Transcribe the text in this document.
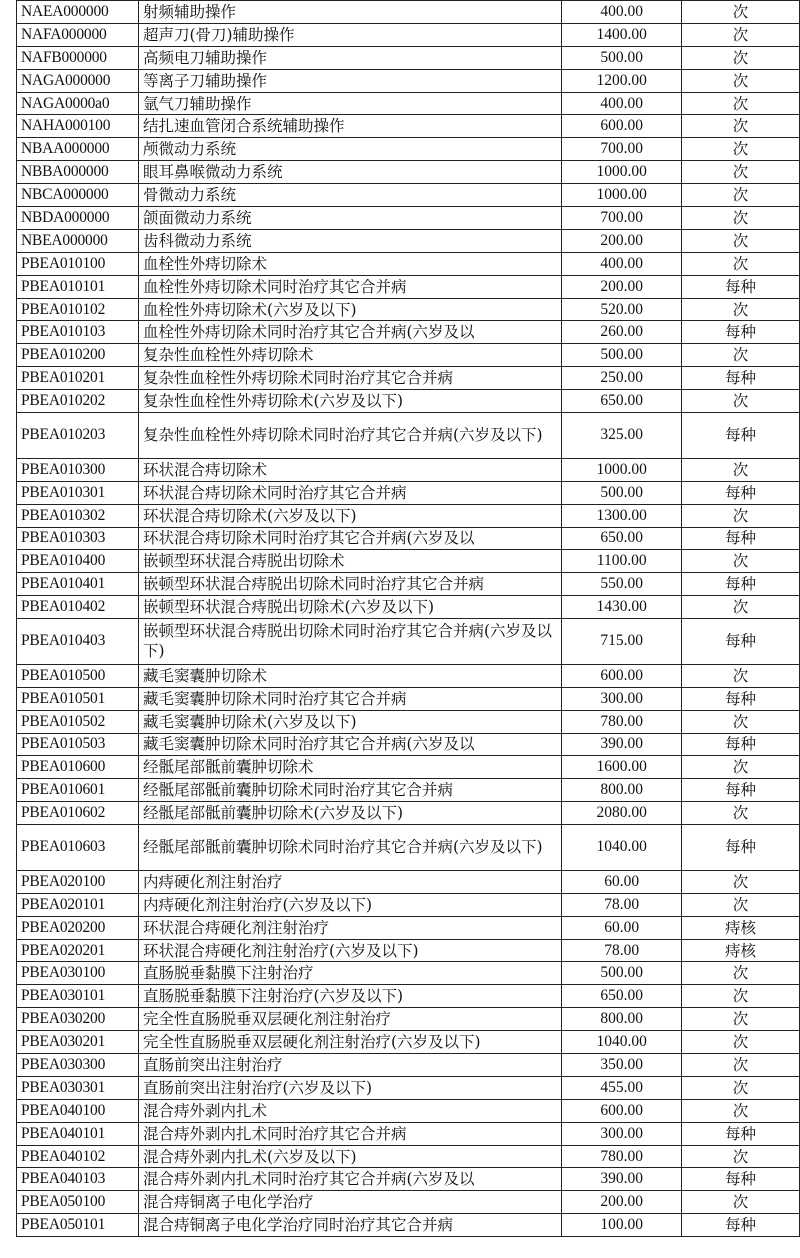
NAEA000000	射频辅助操作	400.00	次
NAFA000000	超声刀(骨刀)辅助操作	1400.00	次
NAFB000000	高频电刀辅助操作	500.00	次
NAGA000000	等离子刀辅助操作	1200.00	次
NAGA0000a0	氩气刀辅助操作	400.00	次
NAHA000100	结扎速血管闭合系统辅助操作	600.00	次
NBAA000000	颅微动力系统	700.00	次
NBBA000000	眼耳鼻喉微动力系统	1000.00	次
NBCA000000	骨微动力系统	1000.00	次
NBDA000000	颌面微动力系统	700.00	次
NBEA000000	齿科微动力系统	200.00	次
PBEA010100	血栓性外痔切除术	400.00	次
PBEA010101	血栓性外痔切除术同时治疗其它合并病	200.00	每种
PBEA010102	血栓性外痔切除术(六岁及以下)	520.00	次
PBEA010103	血栓性外痔切除术同时治疗其它合并病(六岁及以	260.00	每种
PBEA010200	复杂性血栓性外痔切除术	500.00	次
PBEA010201	复杂性血栓性外痔切除术同时治疗其它合并病	250.00	每种
PBEA010202	复杂性血栓性外痔切除术(六岁及以下)	650.00	次
PBEA010203	复杂性血栓性外痔切除术同时治疗其它合并病(六岁及以下)	325.00	每种
PBEA010300	环状混合痔切除术	1000.00	次
PBEA010301	环状混合痔切除术同时治疗其它合并病	500.00	每种
PBEA010302	环状混合痔切除术(六岁及以下)	1300.00	次
PBEA010303	环状混合痔切除术同时治疗其它合并病(六岁及以	650.00	每种
PBEA010400	嵌顿型环状混合痔脱出切除术	1100.00	次
PBEA010401	嵌顿型环状混合痔脱出切除术同时治疗其它合并病	550.00	每种
PBEA010402	嵌顿型环状混合痔脱出切除术(六岁及以下)	1430.00	次
PBEA010403	嵌顿型环状混合痔脱出切除术同时治疗其它合并病(六岁及以下)	715.00	每种
PBEA010500	藏毛窦囊肿切除术	600.00	次
PBEA010501	藏毛窦囊肿切除术同时治疗其它合并病	300.00	每种
PBEA010502	藏毛窦囊肿切除术(六岁及以下)	780.00	次
PBEA010503	藏毛窦囊肿切除术同时治疗其它合并病(六岁及以	390.00	每种
PBEA010600	经骶尾部骶前囊肿切除术	1600.00	次
PBEA010601	经骶尾部骶前囊肿切除术同时治疗其它合并病	800.00	每种
PBEA010602	经骶尾部骶前囊肿切除术(六岁及以下)	2080.00	次
PBEA010603	经骶尾部骶前囊肿切除术同时治疗其它合并病(六岁及以下)	1040.00	每种
PBEA020100	内痔硬化剂注射治疗	60.00	次
PBEA020101	内痔硬化剂注射治疗(六岁及以下)	78.00	次
PBEA020200	环状混合痔硬化剂注射治疗	60.00	痔核
PBEA020201	环状混合痔硬化剂注射治疗(六岁及以下)	78.00	痔核
PBEA030100	直肠脱垂黏膜下注射治疗	500.00	次
PBEA030101	直肠脱垂黏膜下注射治疗(六岁及以下)	650.00	次
PBEA030200	完全性直肠脱垂双层硬化剂注射治疗	800.00	次
PBEA030201	完全性直肠脱垂双层硬化剂注射治疗(六岁及以下)	1040.00	次
PBEA030300	直肠前突出注射治疗	350.00	次
PBEA030301	直肠前突出注射治疗(六岁及以下)	455.00	次
PBEA040100	混合痔外剥内扎术	600.00	次
PBEA040101	混合痔外剥内扎术同时治疗其它合并病	300.00	每种
PBEA040102	混合痔外剥内扎术(六岁及以下)	780.00	次
PBEA040103	混合痔外剥内扎术同时治疗其它合并病(六岁及以	390.00	每种
PBEA050100	混合痔铜离子电化学治疗	200.00	次
PBEA050101	混合痔铜离子电化学治疗同时治疗其它合并病	100.00	每种
